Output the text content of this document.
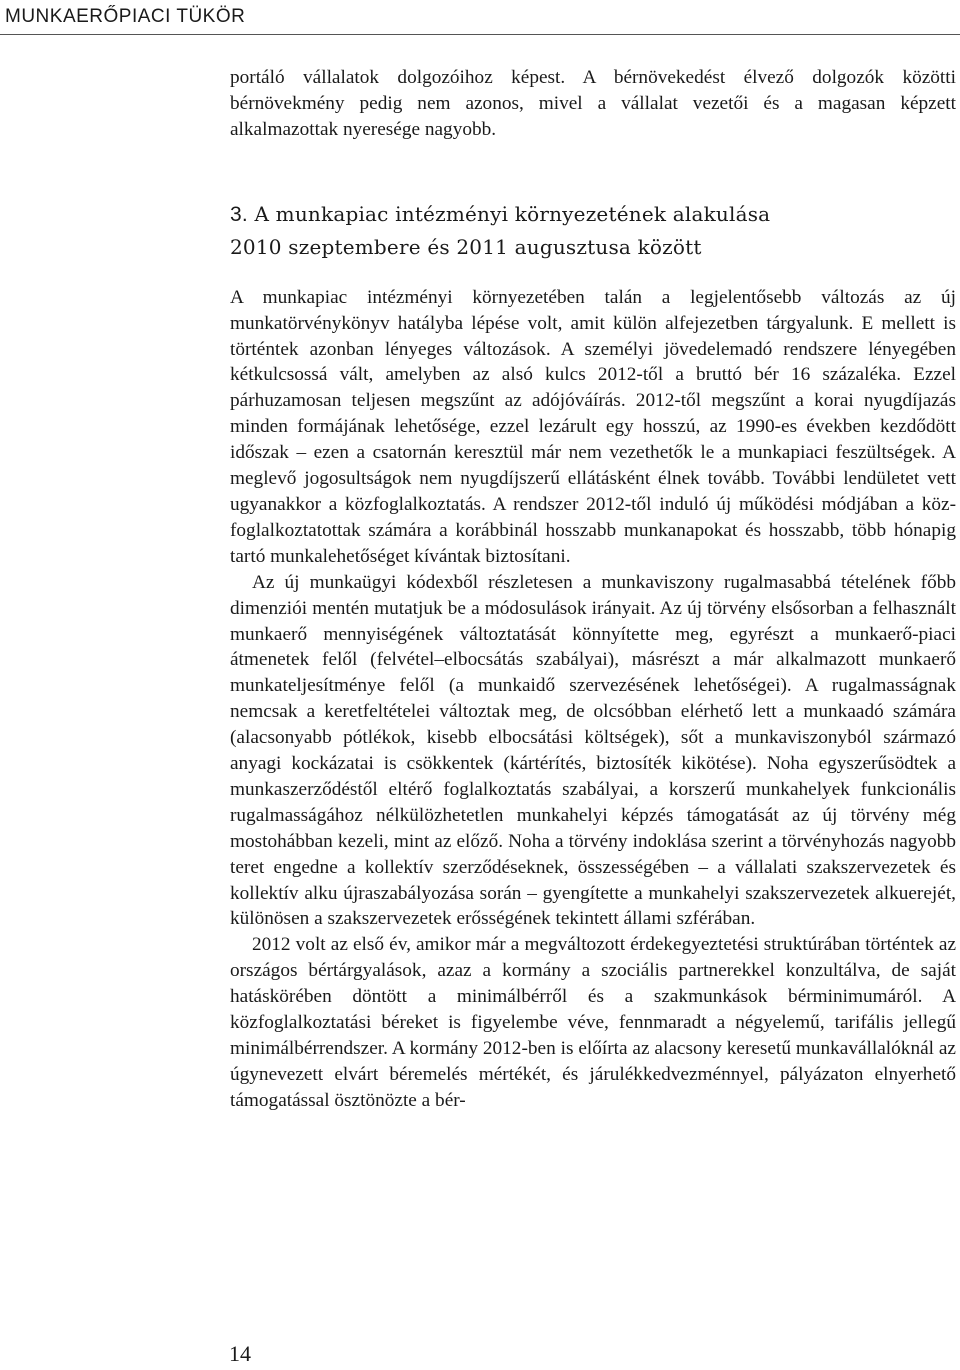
MUNKAERŐPIACI TÜKÖR

portáló vállalatok dolgozóihoz képest. A bérnövekedést élvező dolgozók közötti bérnövekmény pedig nem azonos, mivel a vállalat vezetői és a magasan képzett alkalmazottak nyeresége nagyobb.

3. A munkapiac intézményi környezetének alakulása
2010 szeptembere és 2011 augusztusa között

A munkapiac intézményi környezetében talán a legjelentősebb változás az új munkatörvénykönyv hatályba lépése volt, amit külön alfejezetben tárgyalunk. E mellett is történtek azonban lényeges változások. A személyi jövedelemadó rendszere lényegében kétkulcsossá vált, amelyben az alsó kulcs 2012-től a bruttó bér 16 százaléka. Ezzel párhuzamosan teljesen megszűnt az adójóváírás. 2012-től megszűnt a korai nyugdíjazás minden formájának lehetősége, ezzel lezárult egy hosszú, az 1990-es években kezdődött időszak – ezen a csatornán keresztül már nem vezethetők le a munkapiaci feszültségek. A meglevő jogosultságok nem nyugdíjszerű ellátásként élnek tovább. További lendületet vett ugyanakkor a közfoglalkoztatás. A rendszer 2012-től induló új működési módjában a közfoglalkoztatottak számára a korábbinál hosszabb munkanapokat és hosszabb, több hónapig tartó munkalehetőséget kívántak biztosítani.

Az új munkaügyi kódexből részletesen a munkaviszony rugalmasabbá tételének főbb dimenziói mentén mutatjuk be a módosulások irányait. Az új törvény elsősorban a felhasznált munkaerő mennyiségének változtatását könnyítette meg, egyrészt a munkaerő-piaci átmenetek felől (felvétel–elbocsátás szabályai), másrészt a már alkalmazott munkaerő munkateljesítménye felől (a munkaidő szervezésének lehetőségei). A rugalmasságnak nemcsak a keretfeltételei változtak meg, de olcsóbban elérhető lett a munkaadó számára (alacsonyabb pótlékok, kisebb elbocsátási költségek), sőt a munkaviszonyból származó anyagi kockázatai is csökkentek (kártérítés, biztosíték kikötése). Noha egyszerűsödtek a munkaszerződéstől eltérő foglalkoztatás szabályai, a korszerű munkahelyek funkcionális rugalmasságához nélkülözhetetlen munkahelyi képzés támogatását az új törvény még mostohábban kezeli, mint az előző. Noha a törvény indoklása szerint a törvényhozás nagyobb teret engedne a kollektív szerződéseknek, összességében – a vállalati szakszervezetek és kollektív alku újraszabályozása során – gyengítette a munkahelyi szakszervezetek alkuerejét, különösen a szakszervezetek erősségének tekintett állami szférában.

2012 volt az első év, amikor már a megváltozott érdekegyeztetési struktúrában történtek az országos bértárgyalások, azaz a kormány a szociális partnerekkel konzultálva, de saját hatáskörében döntött a minimálbérről és a szakmunkások bérminimumáról. A közfoglalkoztatási béreket is figyelembe véve, fennmaradt a négyelemű, tarifális jellegű minimálbérrendszer. A kormány 2012-ben is előírta az alacsony keresetű munkavállalóknál az úgynevezett elvárt béremelés mértékét, és járulékkedvezménnyel, pályázaton elnyerhető támogatással ösztönözte a bér-

14
